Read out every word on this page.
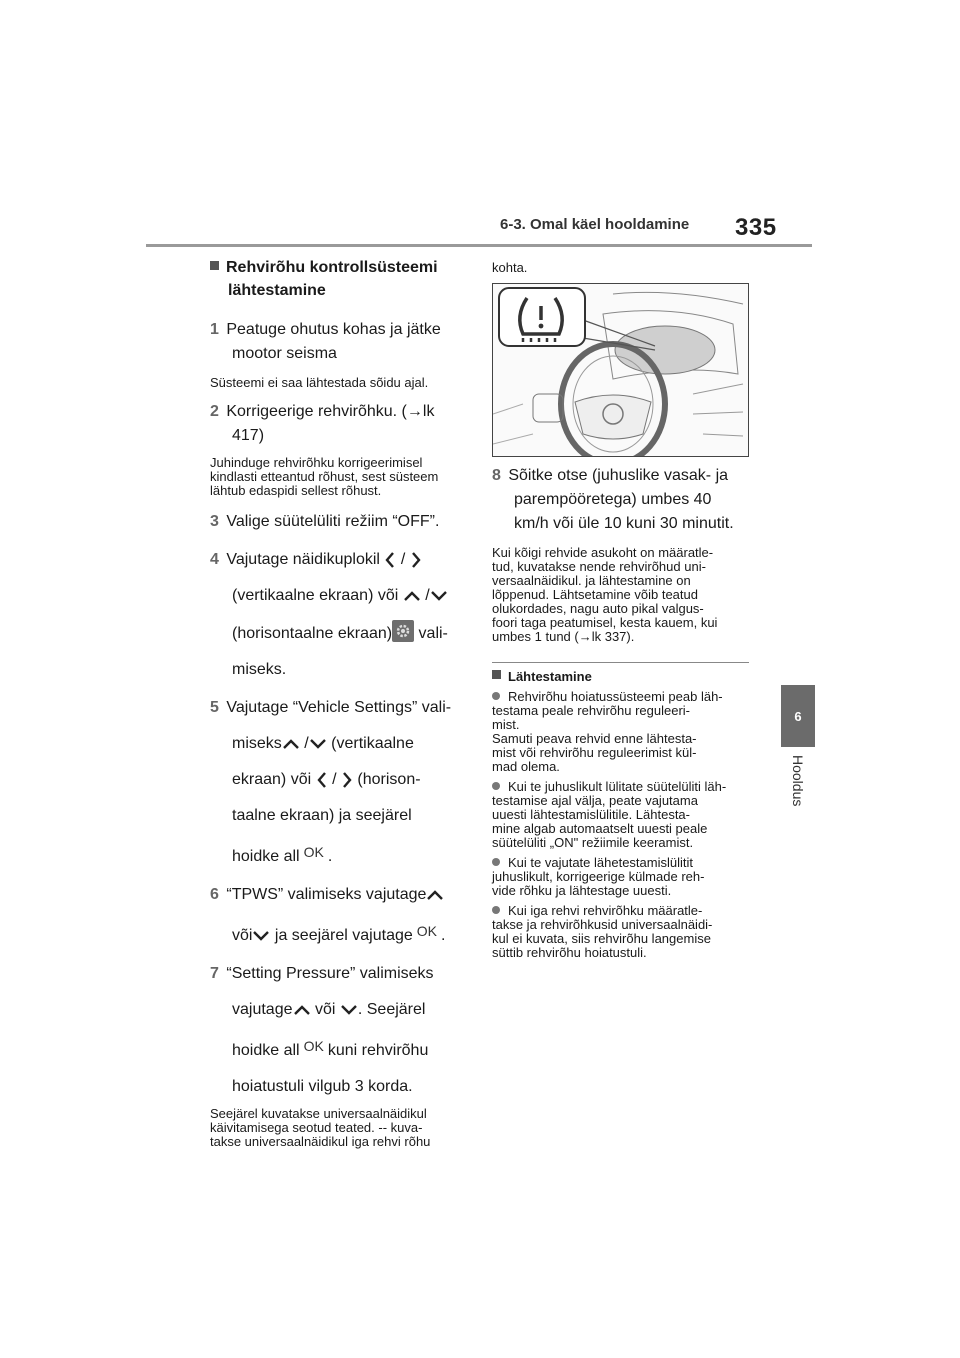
6-3. Omal käel hooldamine 335
6
Hooldus
Rehvirõhu kontrollsüsteemi
lähtestamine
1 Peatuge ohutus kohas ja jätke
mootor seisma
Süsteemi ei saa lähtestada sõidu ajal.
2 Korrigeerige rehvirõhku. (→lk
417)
Juhinduge rehvirõhku korrigeerimisel
kindlasti etteantud rõhust, sest süsteem
lähtub edaspidi sellest rõhust.
3 Valige süütelüliti režiim “OFF”.
4 Vajutage näidikuplokil /
(vertikaalne ekraan) või /
(horisontaalne ekraan) vali-
miseks.
5 Vajutage “Vehicle Settings” vali-
miseks / (vertikaalne
ekraan) või / (horison-
taalne ekraan) ja seejärel
hoidke all OK .
6 “TPWS” valimiseks vajutage
või ja seejärel vajutage OK .
7 “Setting Pressure” valimiseks
vajutage või . Seejärel
hoidke all OK kuni rehvirõhu
hoiatustuli vilgub 3 korda.
Seejärel kuvatakse universaalnäidikul
käivitamisega seotud teated. -- kuva-
takse universaalnäidikul iga rehvi rõhu
kohta.
8 Sõitke otse (juhuslike vasak- ja
parempööretega) umbes 40
km/h või üle 10 kuni 30 minutit.
Kui kõigi rehvide asukoht on määratle-
tud, kuvatakse nende rehvirõhud uni-
versaalnäidikul. ja lähtestamine on
lõppenud. Lähtsetamine võib teatud
olukordades, nagu auto pikal valgus-
foori taga peatumisel, kesta kauem, kui
umbes 1 tund (→lk 337).
Lähtestamine
Rehvirõhu hoiatussüsteemi peab läh-
testama peale rehvirõhu reguleeri-
mist.
Samuti peava rehvid enne lähtesta-
mist või rehvirõhu reguleerimist kül-
mad olema.
Kui te juhuslikult lülitate süütelüliti läh-
testamise ajal välja, peate vajutama
uuesti lähtestamislülitile. Lähtesta-
mine algab automaatselt uuesti peale
süütelüliti „ON" režiimile keeramist.
Kui te vajutate lähetestamislülitit
juhuslikult, korrigeerige külmade reh-
vide rõhku ja lähtestage uuesti.
Kui iga rehvi rehvirõhku määratle-
takse ja rehvirõhkusid universaalnäidi-
kul ei kuvata, siis rehvirõhu langemise
süttib rehvirõhu hoiatustuli.
